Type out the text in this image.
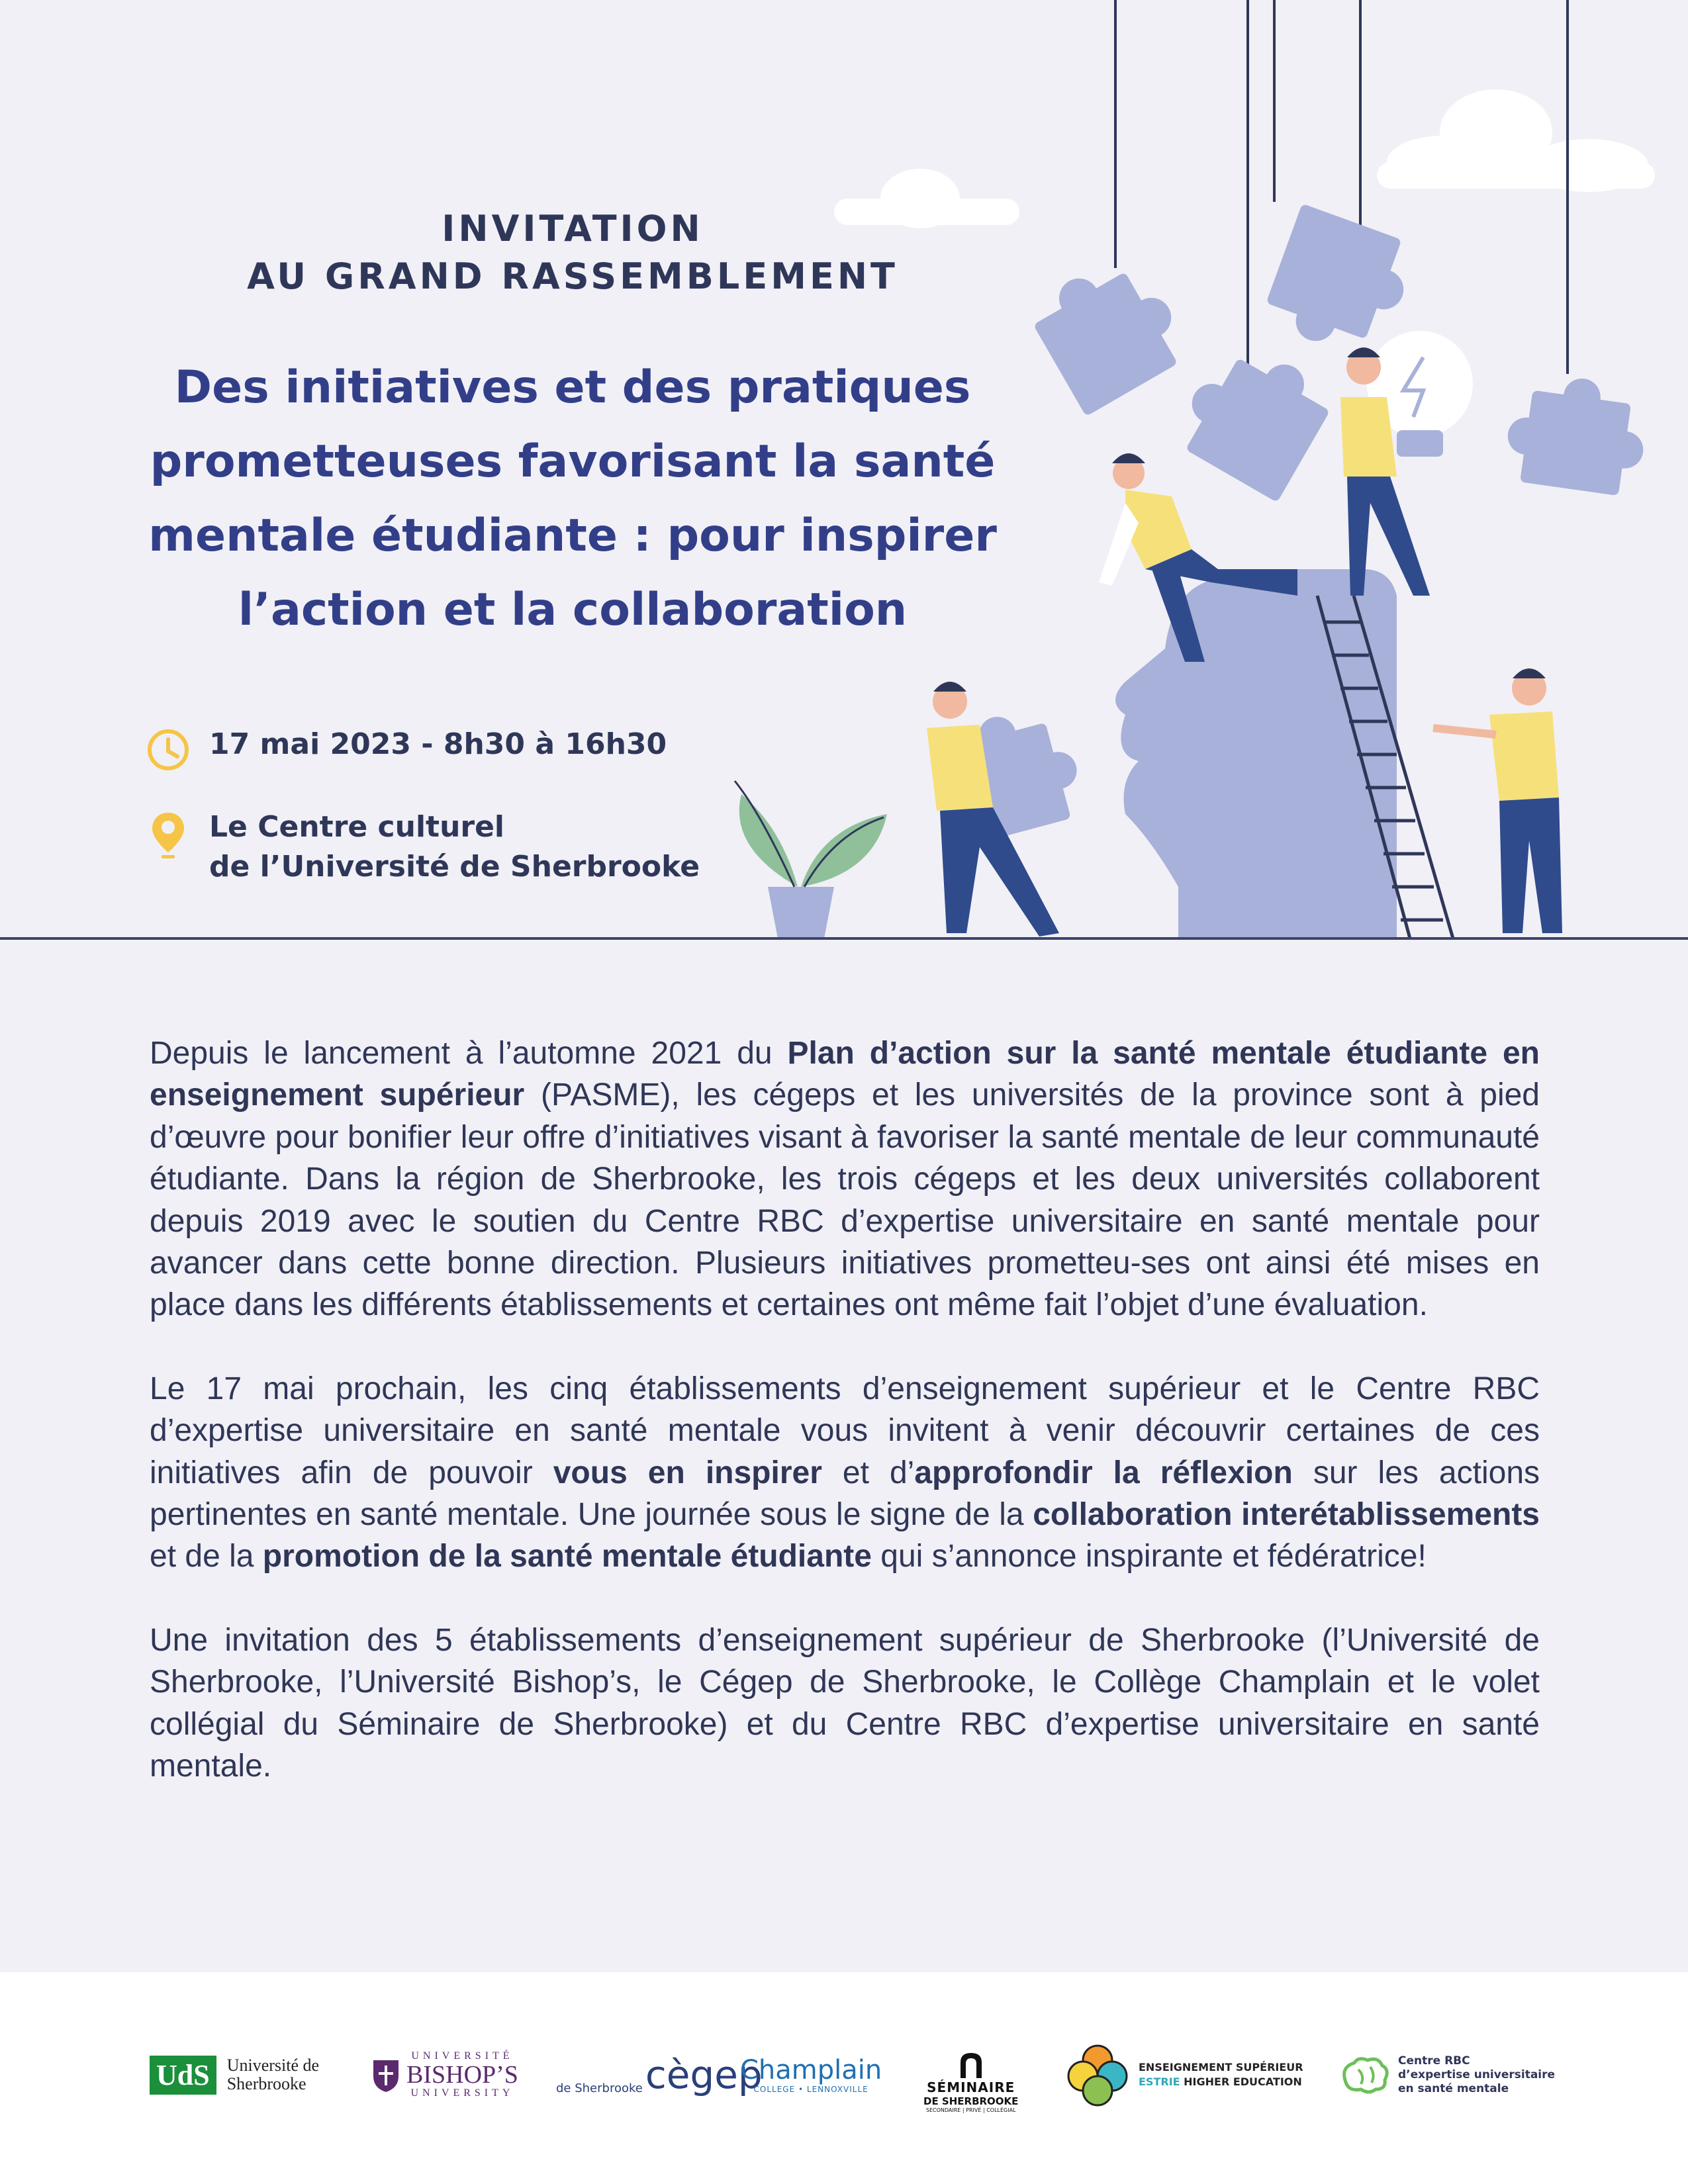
INVITATION
AU GRAND RASSEMBLEMENT
Des initiatives et des pratiques
prometteuses favorisant la santé
mentale étudiante : pour inspirer
l’action et la collaboration
17 mai 2023 - 8h30 à 16h30
Le Centre culturel
de l’Université de Sherbrooke

Depuis le lancement à l’automne 2021 du Plan d’action sur la santé mentale étudiante en enseignement supérieur (PASME), les cégeps et les universités de la province sont à pied d’œuvre pour bonifier leur offre d’initiatives visant à favoriser la santé mentale de leur communauté étudiante. Dans la région de Sherbrooke, les trois cégeps et les deux universités collaborent depuis 2019 avec le soutien du Centre RBC d’expertise universitaire en santé mentale pour avancer dans cette bonne direction. Plusieurs initiatives prometteu-ses ont ainsi été mises en place dans les différents établissements et certaines ont même fait l’objet d’une évaluation.

Le 17 mai prochain, les cinq établissements d’enseignement supérieur et le Centre RBC d’expertise universitaire en santé mentale vous invitent à venir découvrir certaines de ces initiatives afin de pouvoir vous en inspirer et d’approfondir la réflexion sur les actions pertinentes en santé mentale. Une journée sous le signe de la collaboration interétablissements et de la promotion de la santé mentale étudiante qui s’annonce inspirante et fédératrice!

Une invitation des 5 établissements d’enseignement supérieur de Sherbrooke (l’Université de Sherbrooke, l’Université Bishop’s, le Cégep de Sherbrooke, le Collège Champlain et le volet collégial du Séminaire de Sherbrooke) et du Centre RBC d’expertise universitaire en santé mentale.

UdS	Université de
Sherbrooke
UNIVERSITÉ
BISHOP’S
UNIVERSITY	de Sherbrooke cègep
Champlain
COLLEGE • LENNOXVILLE	SÉMINAIRE
DE SHERBROOKE
SECONDAIRE | PRIVÉ | COLLÉGIAL
ENSEIGNEMENT SUPÉRIEUR
ESTRIE HIGHER EDUCATION
Centre RBC
d’expertise universitaire
en santé mentale
